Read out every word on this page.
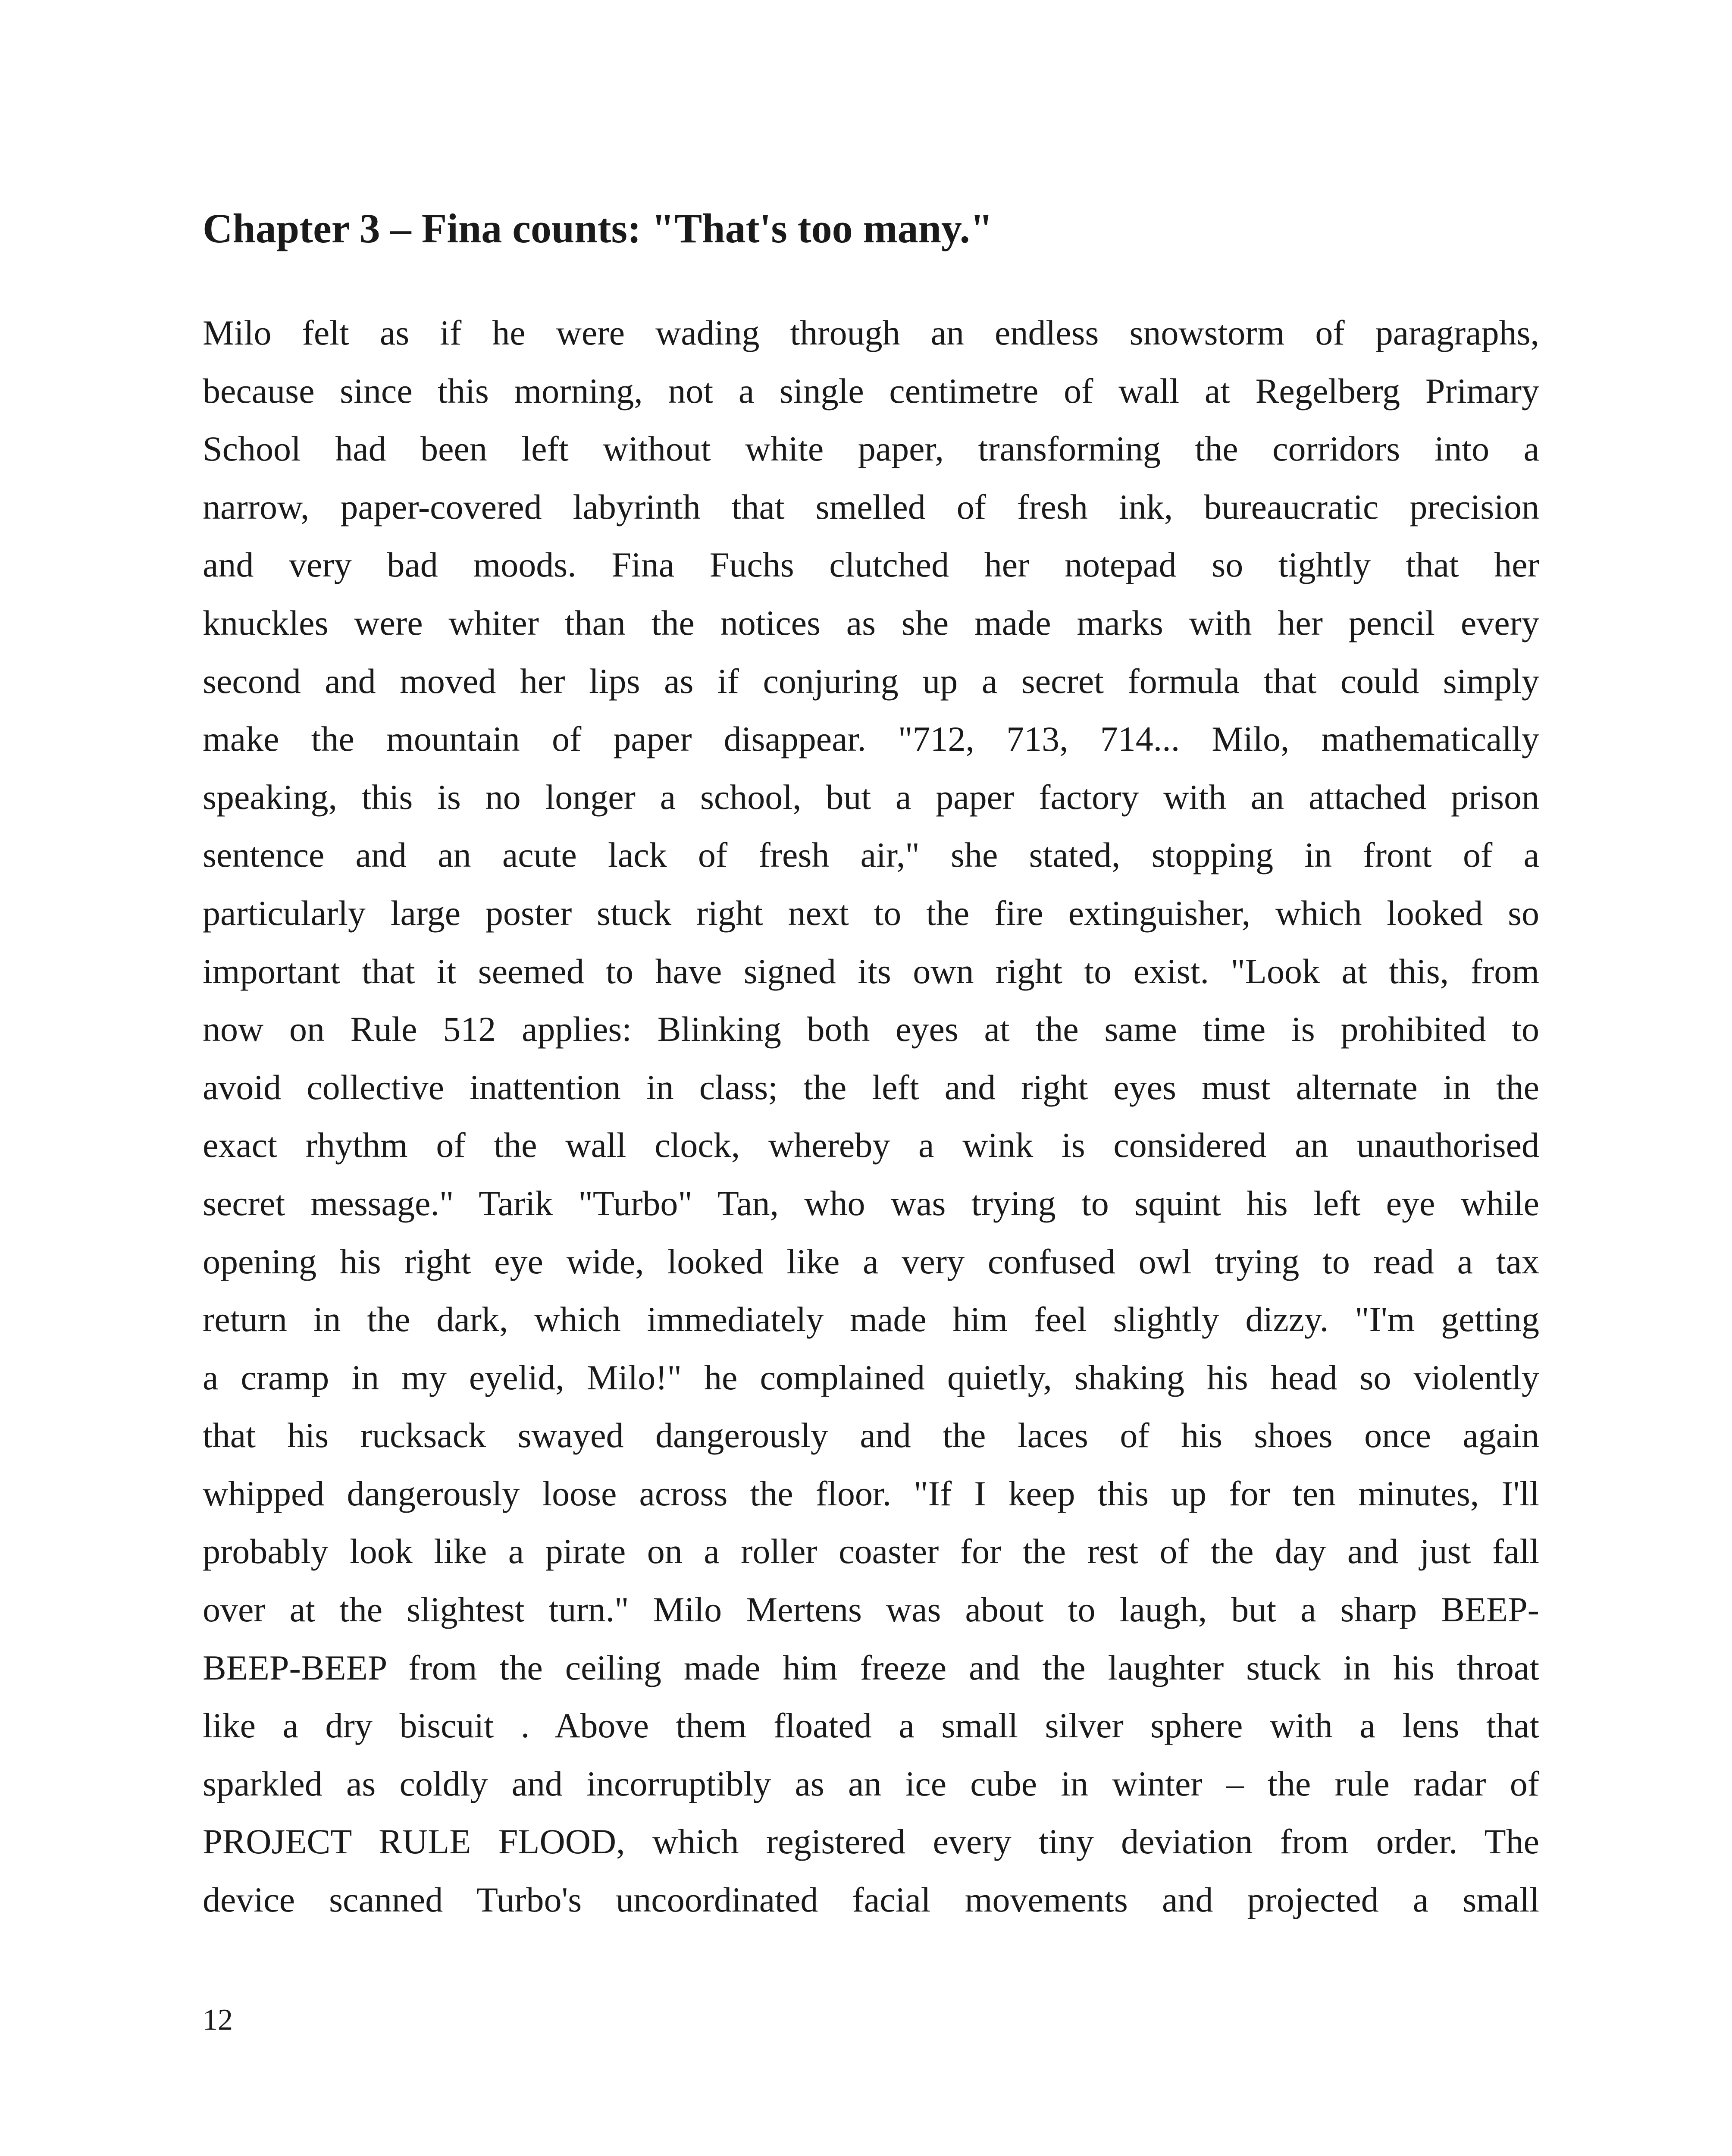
Chapter 3 – Fina counts: "That's too many."
Milo felt as if he were wading through an endless snowstorm of paragraphs,
because since this morning, not a single centimetre of wall at Regelberg Primary
School had been left without white paper, transforming the corridors into a
narrow, paper-covered labyrinth that smelled of fresh ink, bureaucratic precision
and very bad moods. Fina Fuchs clutched her notepad so tightly that her
knuckles were whiter than the notices as she made marks with her pencil every
second and moved her lips as if conjuring up a secret formula that could simply
make the mountain of paper disappear. "712, 713, 714... Milo, mathematically
speaking, this is no longer a school, but a paper factory with an attached prison
sentence and an acute lack of fresh air," she stated, stopping in front of a
particularly large poster stuck right next to the fire extinguisher, which looked so
important that it seemed to have signed its own right to exist. "Look at this, from
now on Rule 512 applies: Blinking both eyes at the same time is prohibited to
avoid collective inattention in class; the left and right eyes must alternate in the
exact rhythm of the wall clock, whereby a wink is considered an unauthorised
secret message." Tarik "Turbo" Tan, who was trying to squint his left eye while
opening his right eye wide, looked like a very confused owl trying to read a tax
return in the dark, which immediately made him feel slightly dizzy. "I'm getting
a cramp in my eyelid, Milo!" he complained quietly, shaking his head so violently
that his rucksack swayed dangerously and the laces of his shoes once again
whipped dangerously loose across the floor. "If I keep this up for ten minutes, I'll
probably look like a pirate on a roller coaster for the rest of the day and just fall
over at the slightest turn." Milo Mertens was about to laugh, but a sharp BEEP-
BEEP-BEEP from the ceiling made him freeze and the laughter stuck in his throat
like a dry biscuit . Above them floated a small silver sphere with a lens that
sparkled as coldly and incorruptibly as an ice cube in winter – the rule radar of
PROJECT RULE FLOOD, which registered every tiny deviation from order. The
device scanned Turbo's uncoordinated facial movements and projected a small
12
